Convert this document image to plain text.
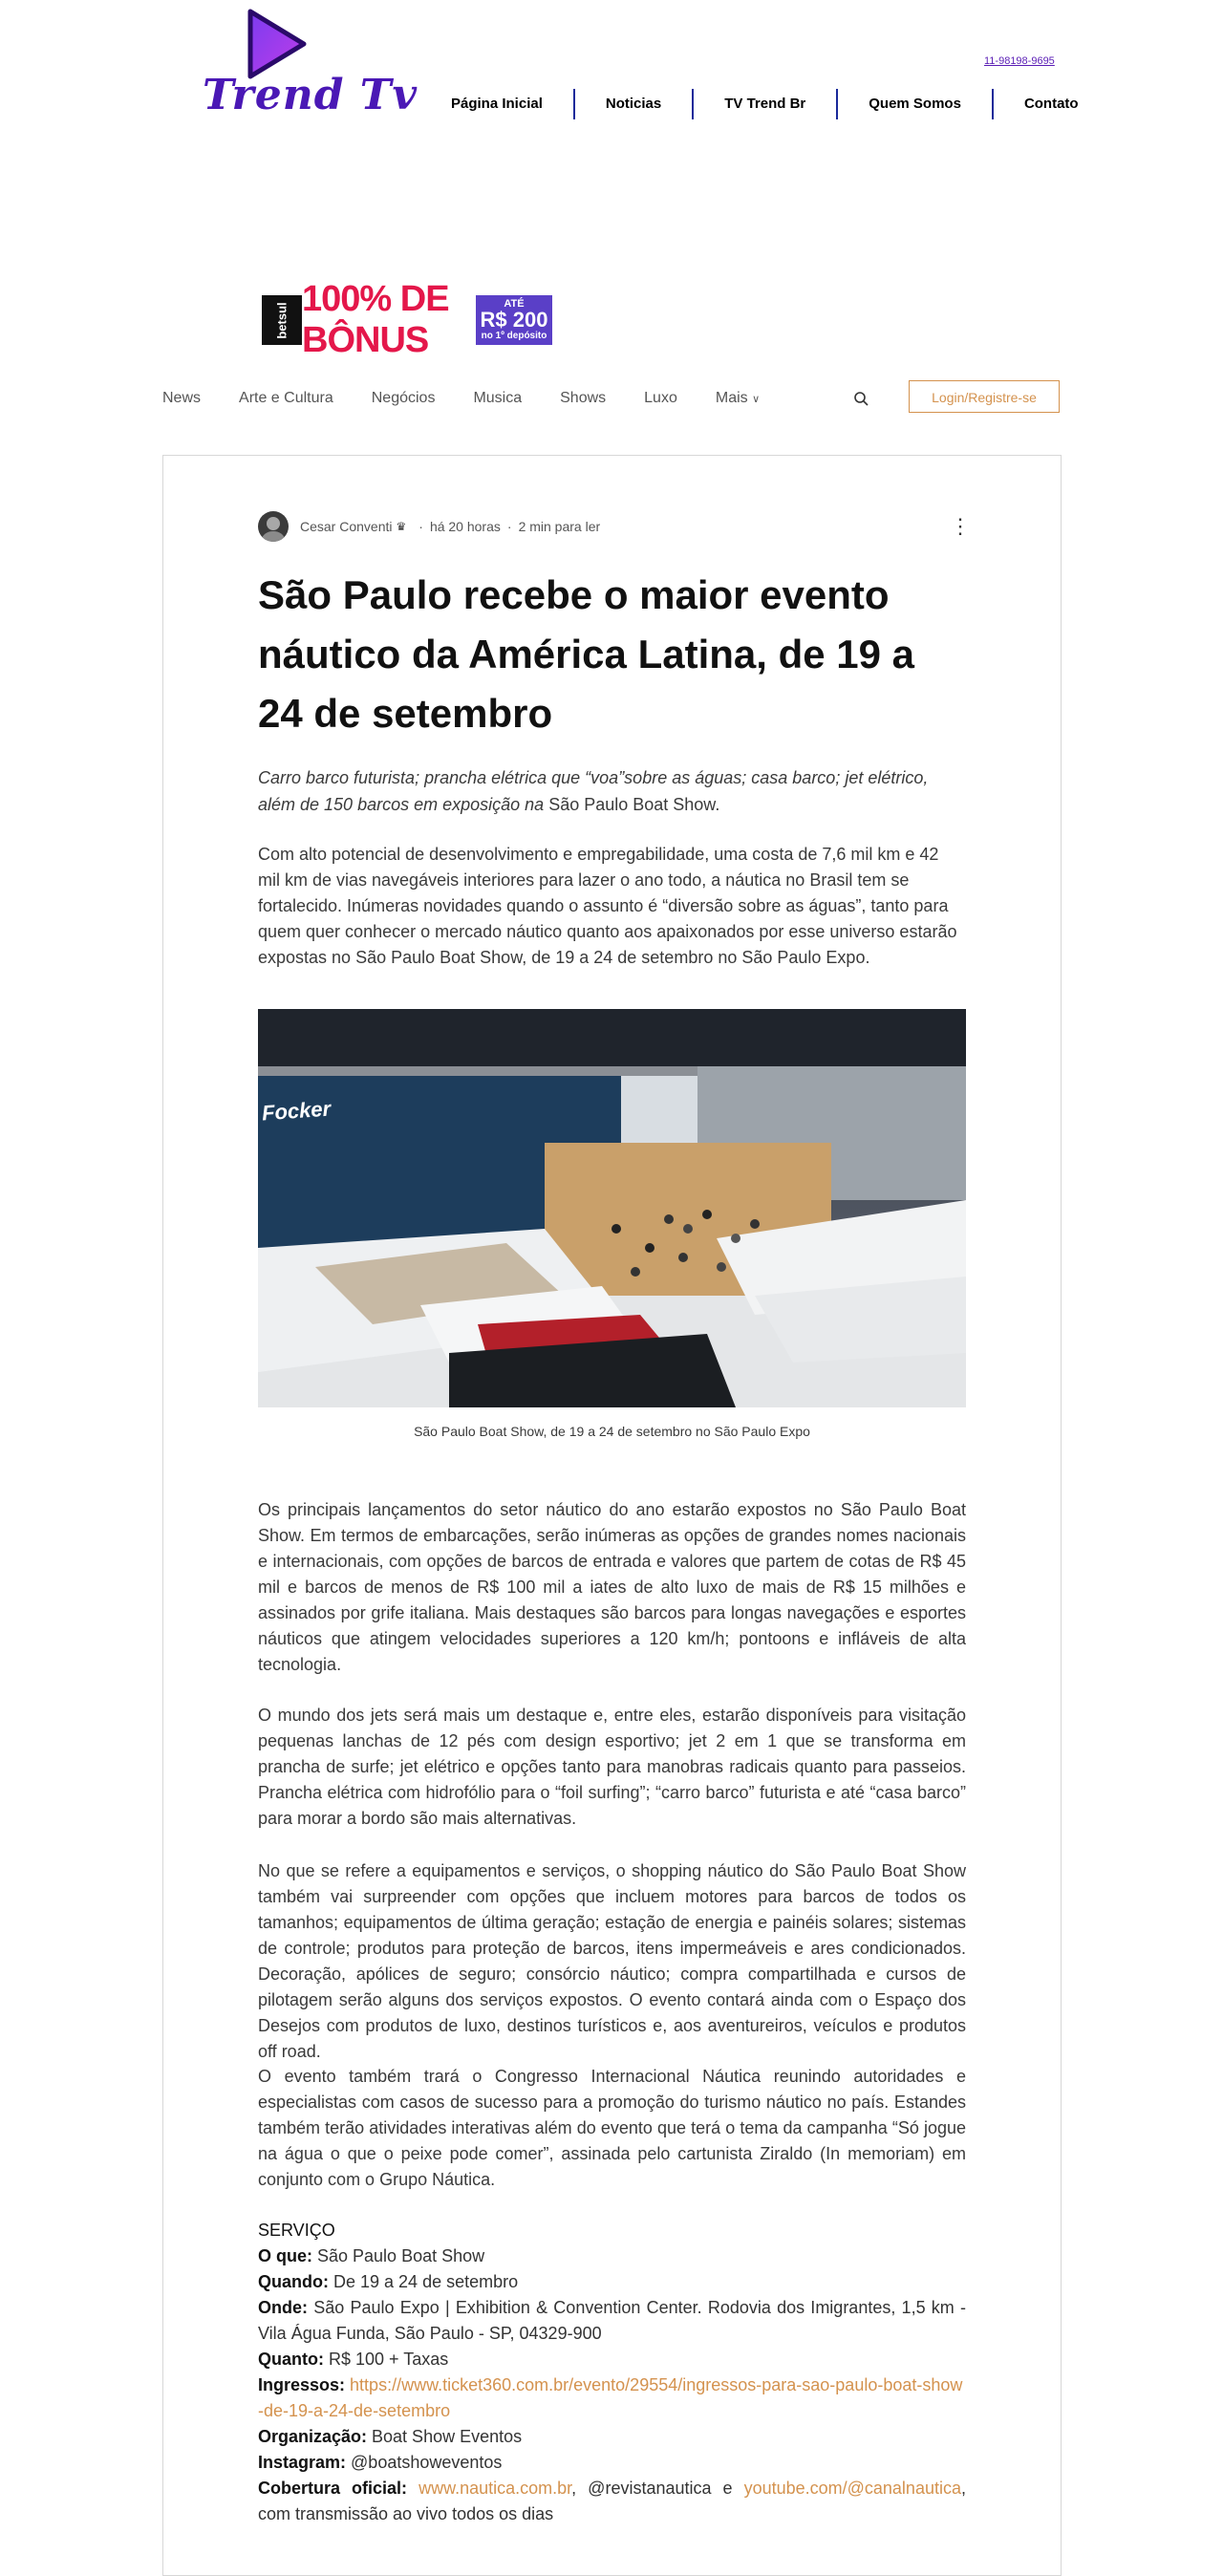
Trend Tv
11-98198-9695
Página Inicial	Noticias	TV Trend Br	Quem Somos	Contato
betsul
100% DE BÔNUS
ATÉ
R$ 200
no 1º depósito
News	Arte e Cultura	Negócios	Musica	Shows	Luxo	Mais ∨	Login/Registre-se
Cesar Conventi ♛ · há 20 horas · 2 min para ler	⋮
São Paulo recebe o maior evento náutico da América Latina, de 19 a 24 de setembro

Carro barco futurista; prancha elétrica que “voa”sobre as águas; casa barco; jet elétrico, além de 150 barcos em exposição na São Paulo Boat Show.

Com alto potencial de desenvolvimento e empregabilidade, uma costa de 7,6 mil km e 42 mil km de vias navegáveis interiores para lazer o ano todo, a náutica no Brasil tem se fortalecido. Inúmeras novidades quando o assunto é “diversão sobre as águas”, tanto para quem quer conhecer o mercado náutico quanto aos apaixonados por esse universo estarão expostas no São Paulo Boat Show, de 19 a 24 de setembro no São Paulo Expo.

Focker
São Paulo Boat Show, de 19 a 24 de setembro no São Paulo Expo

Os principais lançamentos do setor náutico do ano estarão expostos no São Paulo Boat Show. Em termos de embarcações, serão inúmeras as opções de grandes nomes nacionais e internacionais, com opções de barcos de entrada e valores que partem de cotas de R$ 45 mil e barcos de menos de R$ 100 mil a iates de alto luxo de mais de R$ 15 milhões e assinados por grife italiana. Mais destaques são barcos para longas navegações e esportes náuticos que atingem velocidades superiores a 120 km/h; pontoons e infláveis de alta tecnologia.

O mundo dos jets será mais um destaque e, entre eles, estarão disponíveis para visitação pequenas lanchas de 12 pés com design esportivo; jet 2 em 1 que se transforma em prancha de surfe; jet elétrico e opções tanto para manobras radicais quanto para passeios. Prancha elétrica com hidrofólio para o “foil surfing”; “carro barco” futurista e até “casa barco” para morar a bordo são mais alternativas.

No que se refere a equipamentos e serviços, o shopping náutico do São Paulo Boat Show também vai surpreender com opções que incluem motores para barcos de todos os tamanhos; equipamentos de última geração; estação de energia e painéis solares; sistemas de controle; produtos para proteção de barcos, itens impermeáveis e ares condicionados. Decoração, apólices de seguro; consórcio náutico; compra compartilhada e cursos de pilotagem serão alguns dos serviços expostos. O evento contará ainda com o Espaço dos Desejos com produtos de luxo, destinos turísticos e, aos aventureiros, veículos e produtos off road.

O evento também trará o Congresso Internacional Náutica reunindo autoridades e especialistas com casos de sucesso para a promoção do turismo náutico no país. Estandes também terão atividades interativas além do evento que terá o tema da campanha “Só jogue na água o que o peixe pode comer”, assinada pelo cartunista Ziraldo (In memoriam) em conjunto com o Grupo Náutica.

SERVIÇO
O que: São Paulo Boat Show
Quando: De 19 a 24 de setembro
Onde: São Paulo Expo | Exhibition & Convention Center. Rodovia dos Imigrantes, 1,5 km - Vila Água Funda, São Paulo - SP, 04329-900
Quanto: R$ 100 + Taxas
Ingressos: https://www.ticket360.com.br/evento/29554/ingressos-para-sao-paulo-boat-show-de-19-a-24-de-setembro
Organização: Boat Show Eventos
Instagram: @boatshoweventos
Cobertura oficial: www.nautica.com.br, @revistanautica e youtube.com/@canalnautica, com transmissão ao vivo todos os dias
